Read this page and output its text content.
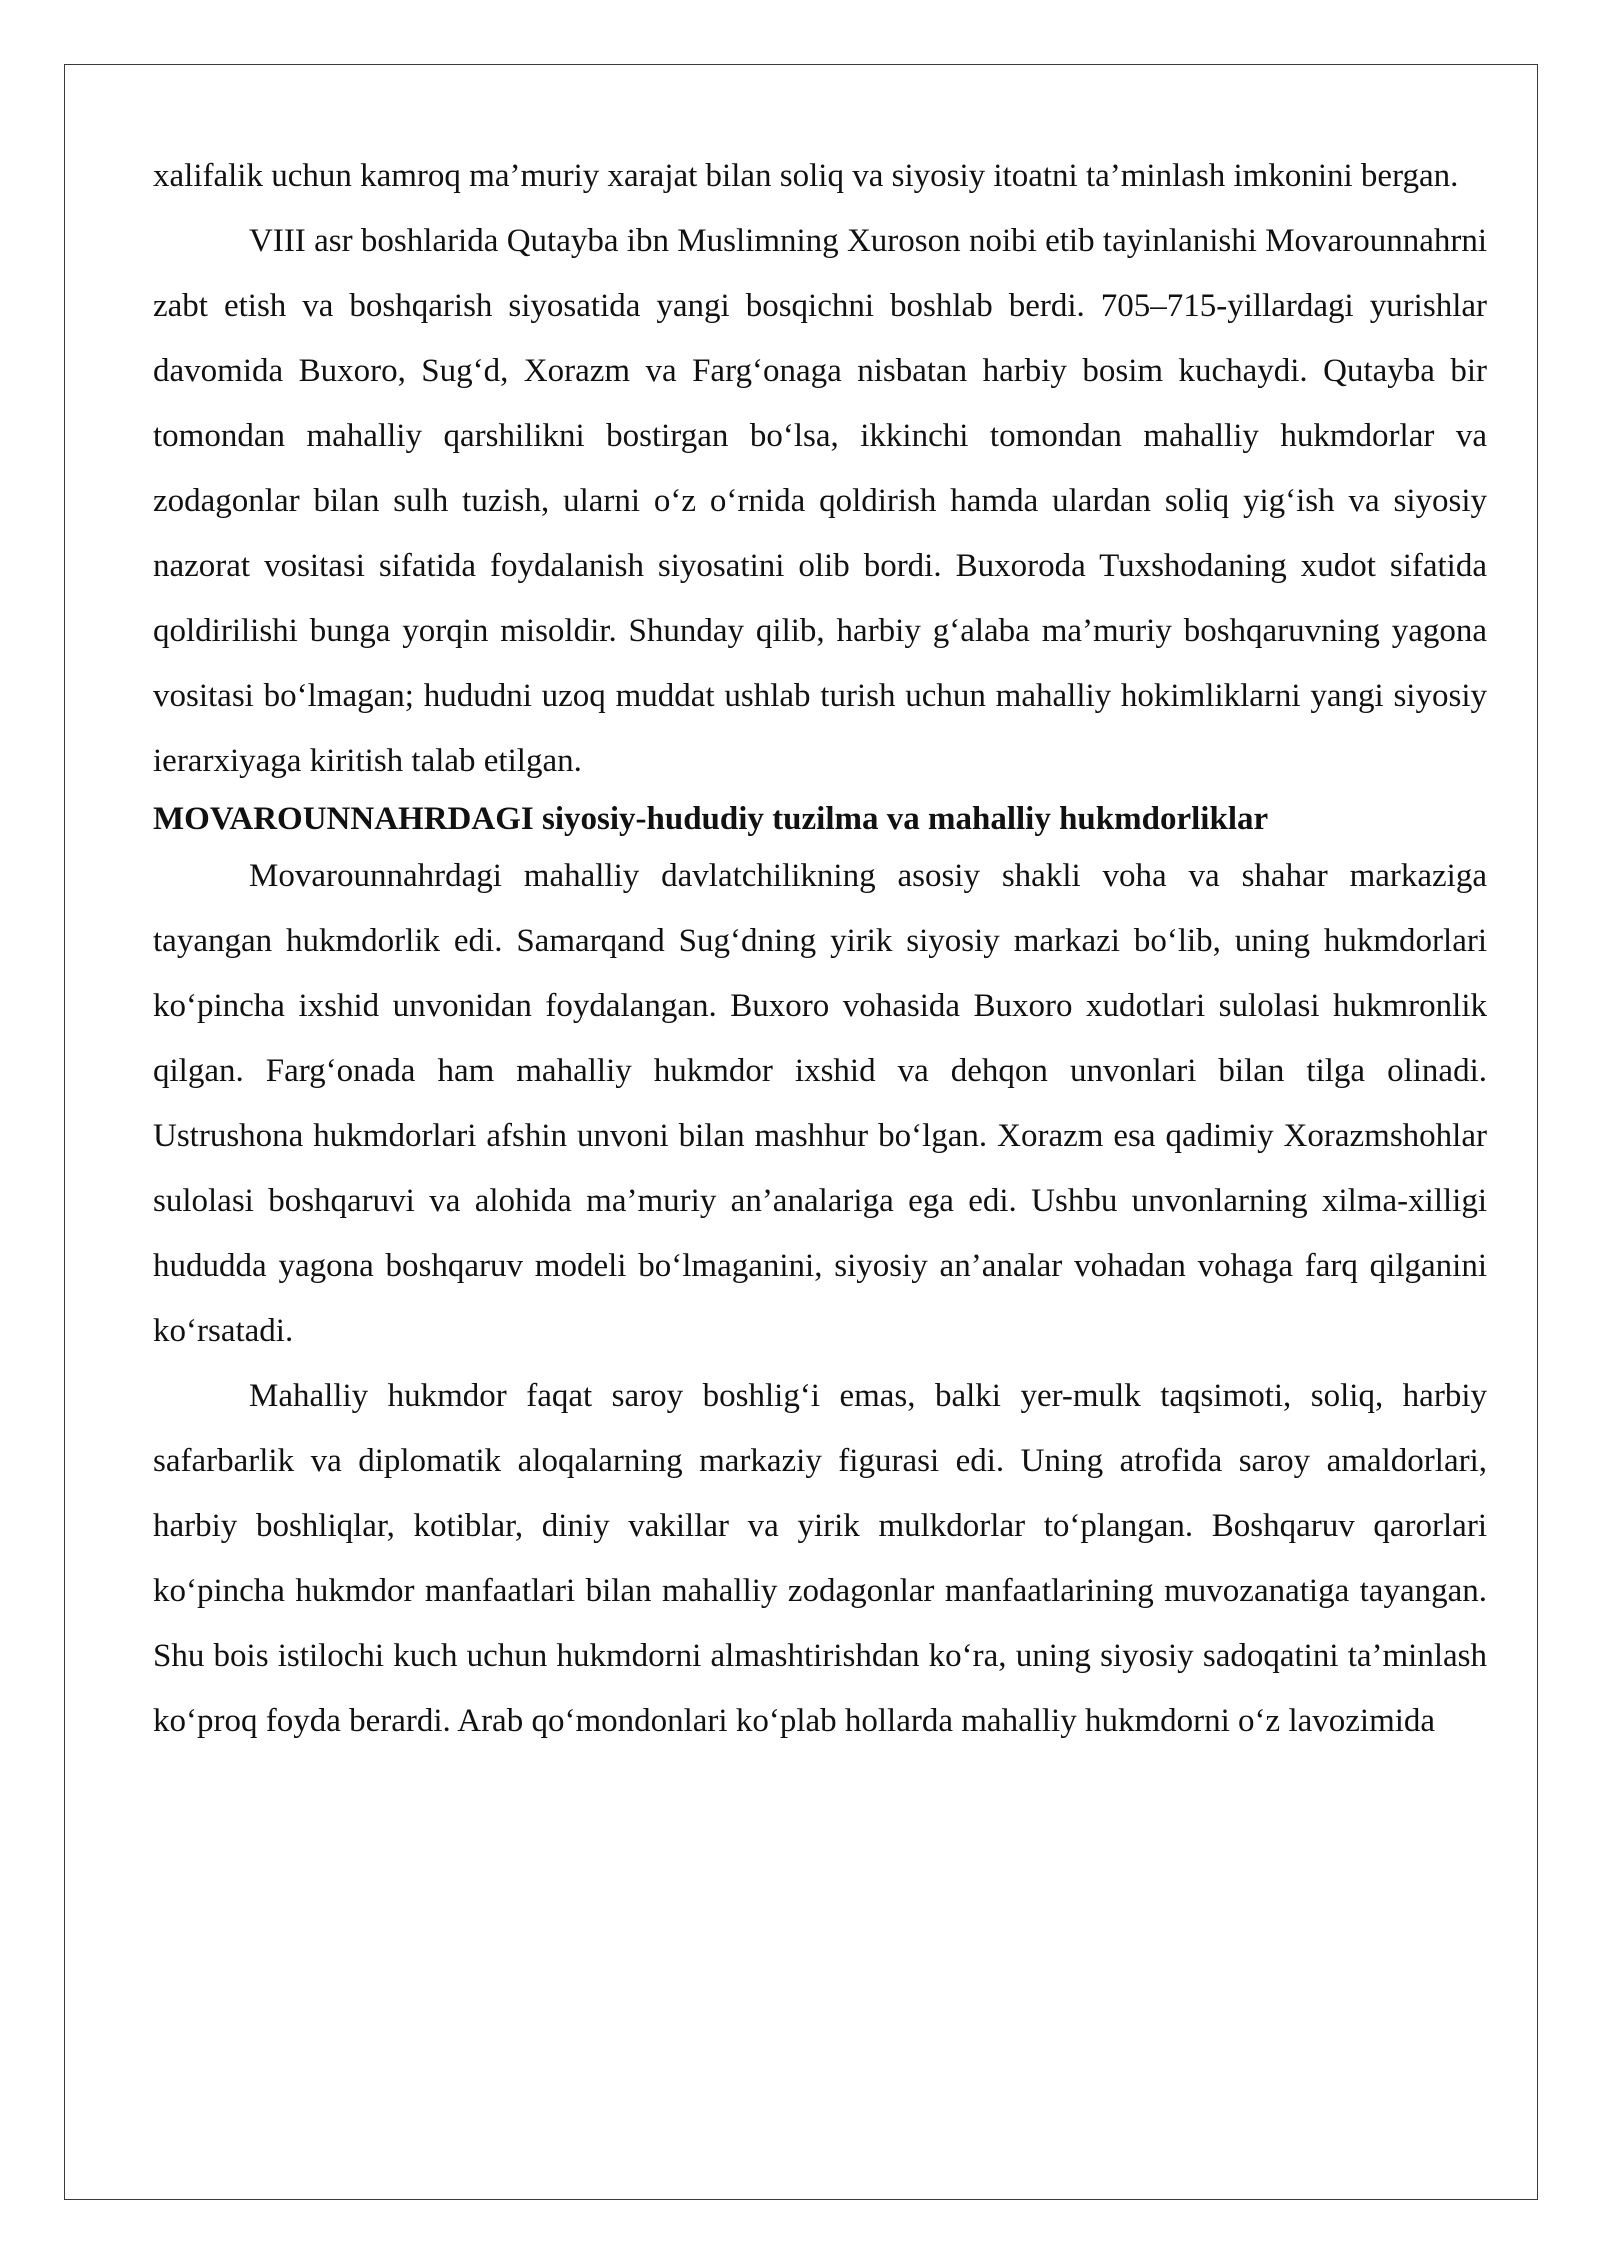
xalifalik uchun kamroq ma’muriy xarajat bilan soliq va siyosiy itoatni ta’minlash imkonini bergan.

VIII asr boshlarida Qutayba ibn Muslimning Xuroson noibi etib tayinlanishi Movarounnahrni zabt etish va boshqarish siyosatida yangi bosqichni boshlab berdi. 705–715-yillardagi yurishlar davomida Buxoro, Sug‘d, Xorazm va Farg‘onaga nisbatan harbiy bosim kuchaydi. Qutayba bir tomondan mahalliy qarshilikni bostirgan bo‘lsa, ikkinchi tomondan mahalliy hukmdorlar va zodagonlar bilan sulh tuzish, ularni o‘z o‘rnida qoldirish hamda ulardan soliq yig‘ish va siyosiy nazorat vositasi sifatida foydalanish siyosatini olib bordi. Buxoroda Tuxshodaning xudot sifatida qoldirilishi bunga yorqin misoldir. Shunday qilib, harbiy g‘alaba ma’muriy boshqaruvning yagona vositasi bo‘lmagan; hududni uzoq muddat ushlab turish uchun mahalliy hokimliklarni yangi siyosiy ierarxiyaga kiritish talab etilgan.

MOVAROUNNAHRDAGI siyosiy-hududiy tuzilma va mahalliy hukmdorliklar

Movarounnahrdagi mahalliy davlatchilikning asosiy shakli voha va shahar markaziga tayangan hukmdorlik edi. Samarqand Sug‘dning yirik siyosiy markazi bo‘lib, uning hukmdorlari ko‘pincha ixshid unvonidan foydalangan. Buxoro vohasida Buxoro xudotlari sulolasi hukmronlik qilgan. Farg‘onada ham mahalliy hukmdor ixshid va dehqon unvonlari bilan tilga olinadi. Ustrushona hukmdorlari afshin unvoni bilan mashhur bo‘lgan. Xorazm esa qadimiy Xorazmshohlar sulolasi boshqaruvi va alohida ma’muriy an’analariga ega edi. Ushbu unvonlarning xilma-xilligi hududda yagona boshqaruv modeli bo‘lmaganini, siyosiy an’analar vohadan vohaga farq qilganini ko‘rsatadi.

Mahalliy hukmdor faqat saroy boshlig‘i emas, balki yer-mulk taqsimoti, soliq, harbiy safarbarlik va diplomatik aloqalarning markaziy figurasi edi. Uning atrofida saroy amaldorlari, harbiy boshliqlar, kotiblar, diniy vakillar va yirik mulkdorlar to‘plangan. Boshqaruv qarorlari ko‘pincha hukmdor manfaatlari bilan mahalliy zodagonlar manfaatlarining muvozanatiga tayangan. Shu bois istilochi kuch uchun hukmdorni almashtirishdan ko‘ra, uning siyosiy sadoqatini ta’minlash ko‘proq foyda berardi. Arab qo‘mondonlari ko‘plab hollarda mahalliy hukmdorni o‘z lavozimida
